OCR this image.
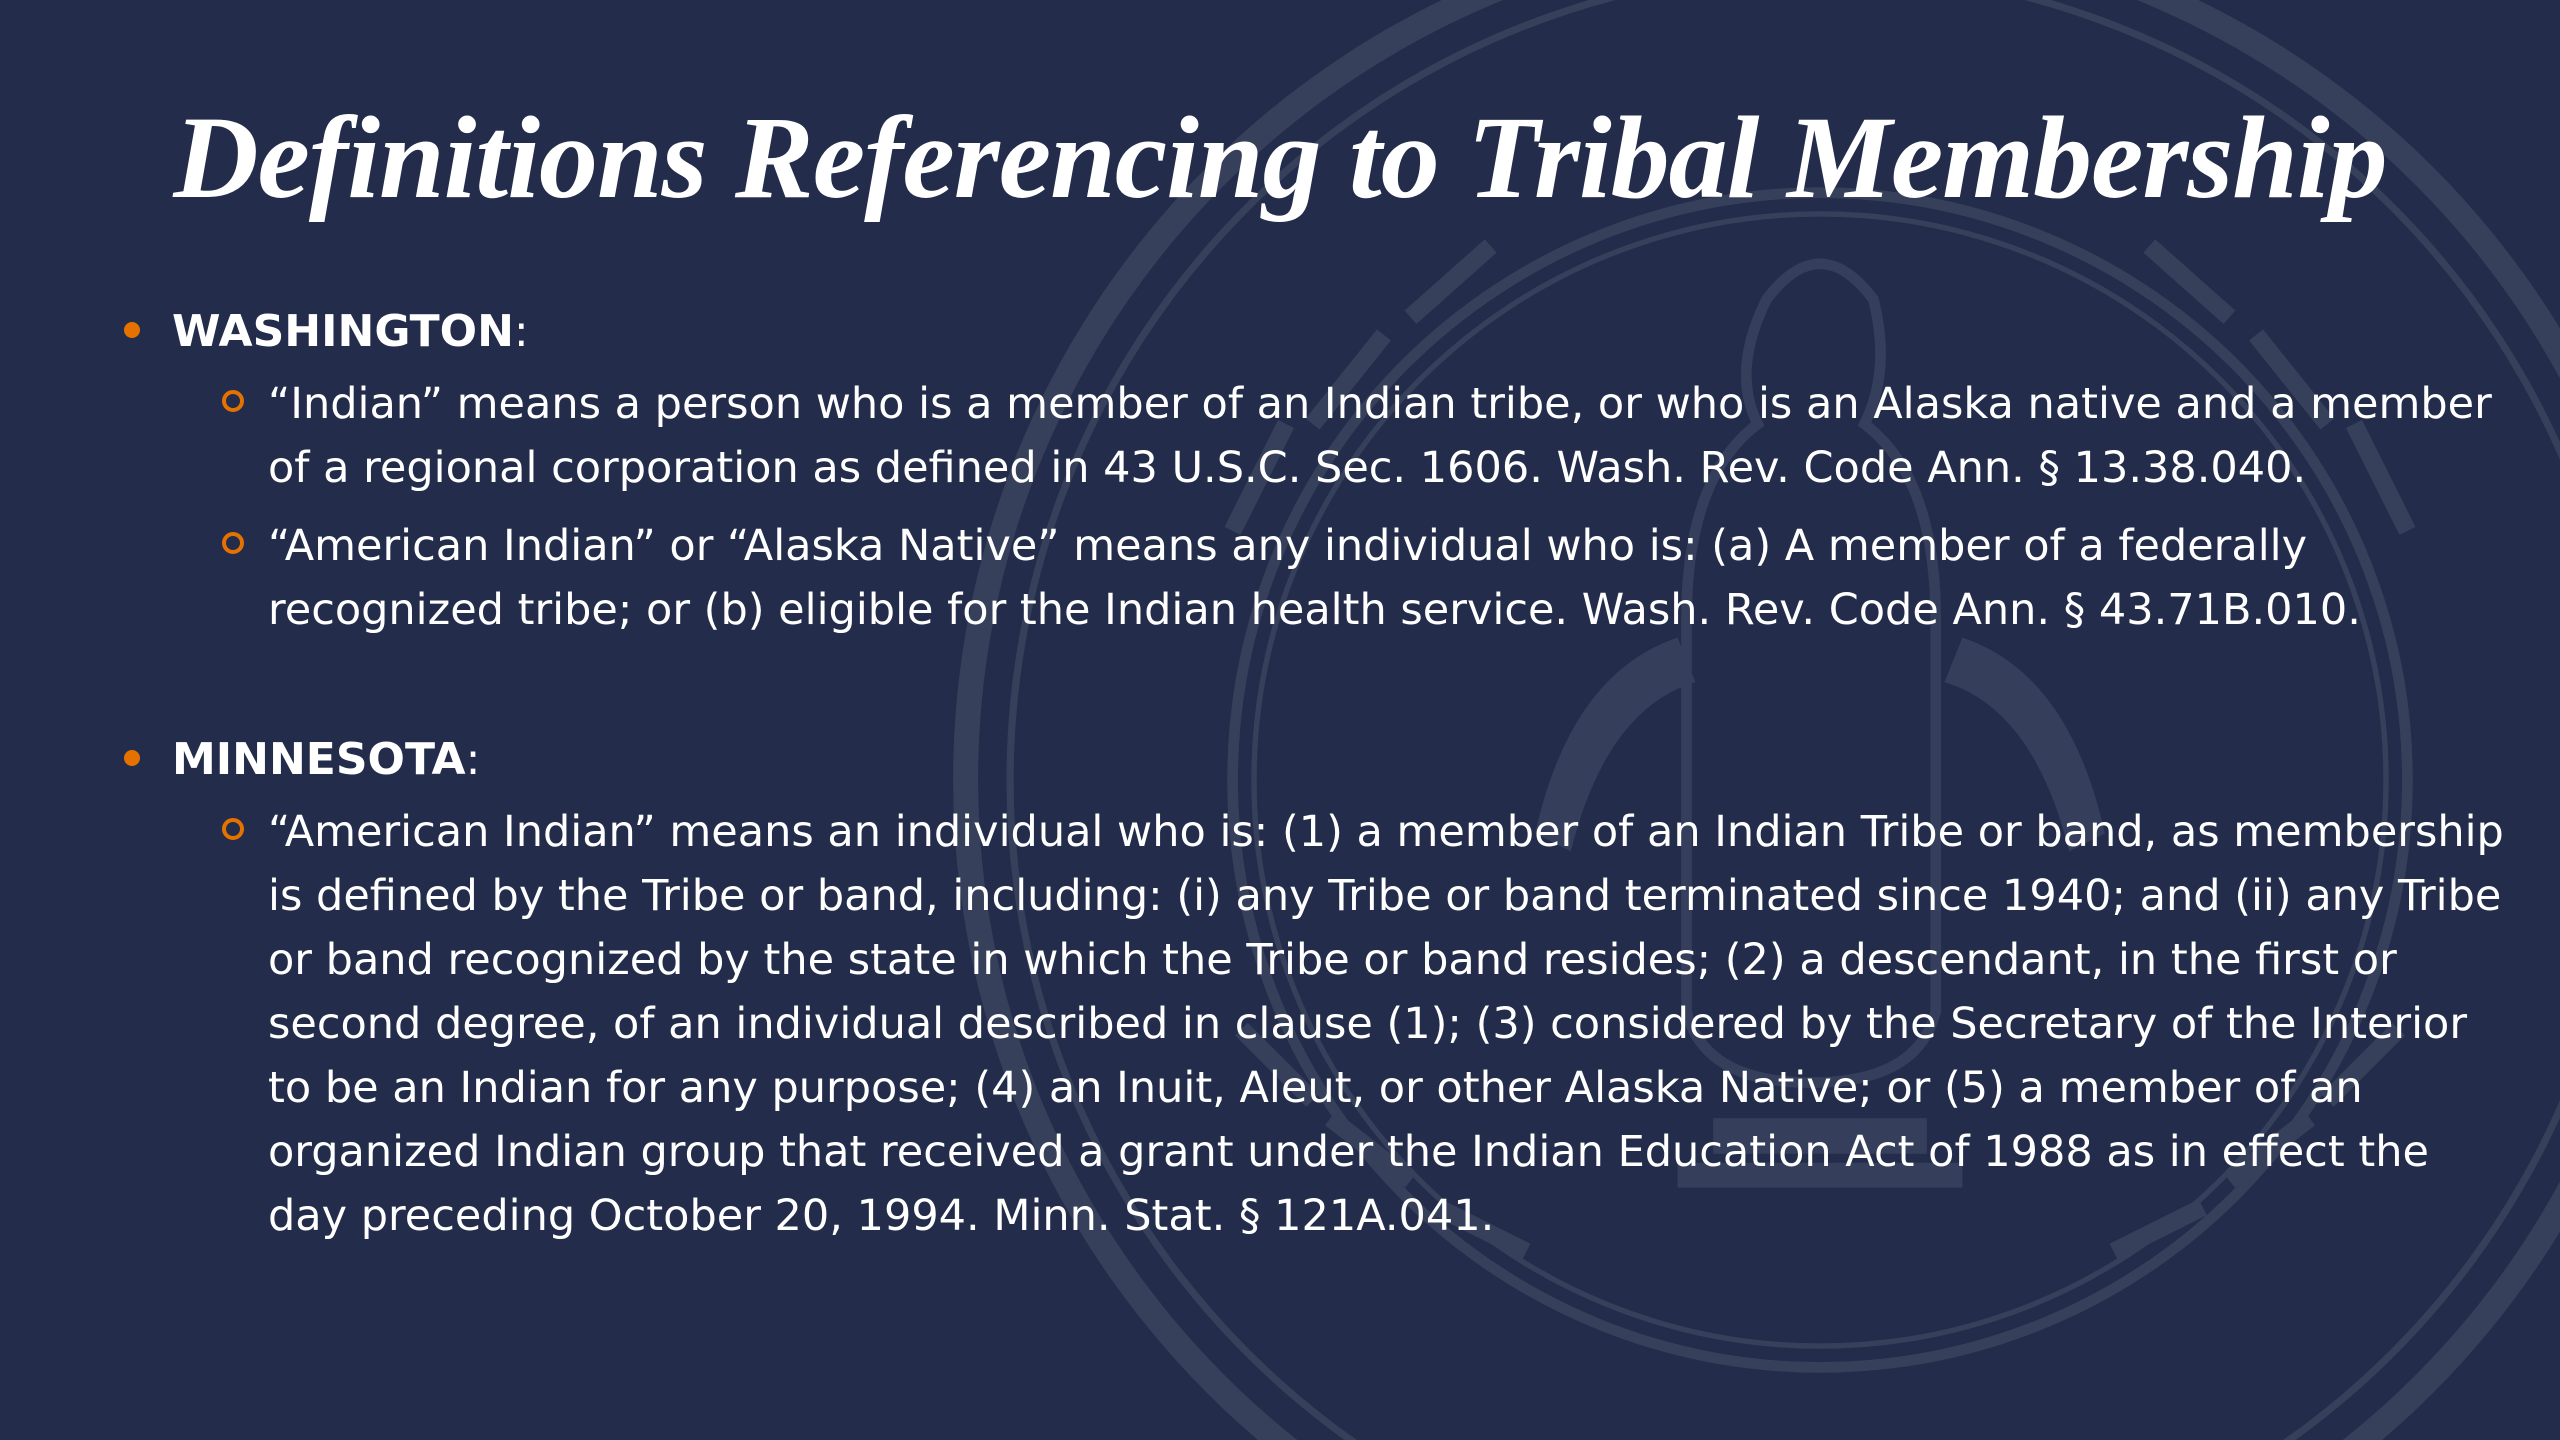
Definitions Referencing to Tribal Membership
WASHINGTON:
“Indian” means a person who is a member of an Indian tribe, or who is an Alaska native and a member of a regional corporation as defined in 43 U.S.C. Sec. 1606. Wash. Rev. Code Ann. § 13.38.040.
“American Indian” or “Alaska Native” means any individual who is: (a) A member of a federally recognized tribe; or (b) eligible for the Indian health service. Wash. Rev. Code Ann. § 43.71B.010.
MINNESOTA:
“American Indian” means an individual who is: (1) a member of an Indian Tribe or band, as membership is defined by the Tribe or band, including: (i) any Tribe or band terminated since 1940; and (ii) any Tribe or band recognized by the state in which the Tribe or band resides; (2) a descendant, in the first or second degree, of an individual described in clause (1); (3) considered by the Secretary of the Interior to be an Indian for any purpose; (4) an Inuit, Aleut, or other Alaska Native; or (5) a member of an organized Indian group that received a grant under the Indian Education Act of 1988 as in effect the day preceding October 20, 1994. Minn. Stat. § 121A.041.
